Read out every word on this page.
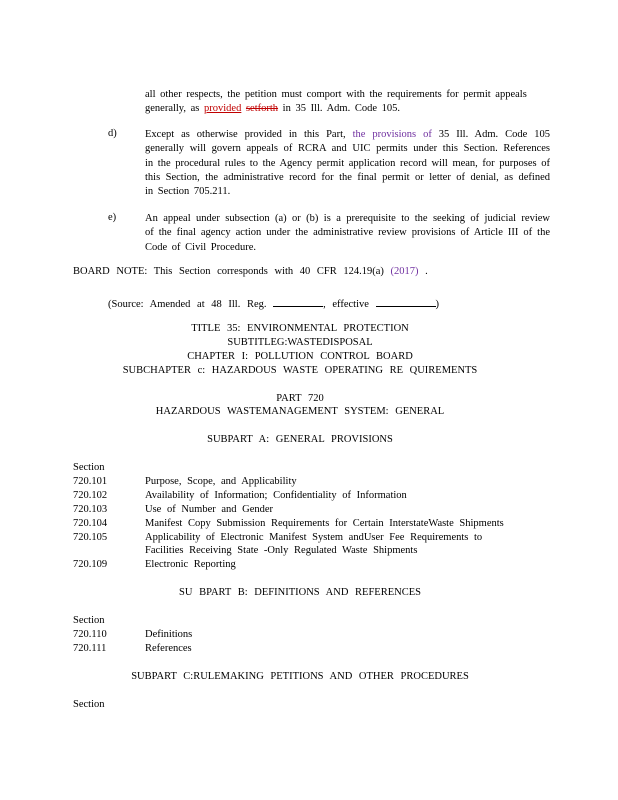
all other respects, the petition must comport with the requirements for permit appeals
generally, as provided setforth in 35 Ill. Adm. Code 105.
d)	Except as otherwise provided in this Part, the provisions of 35 Ill. Adm. Code 105 generally will govern appeals of RCRA and UIC permits under this Section. References in the procedural rules to the Agency permit application record will mean, for purposes of this Section, the administrative record for the final permit or letter of denial, as defined in Section 705.211.
e)	An appeal under subsection (a) or (b) is a prerequisite to the seeking of judicial review of the final agency action under the administrative review provisions of Article III of the Code of Civil Procedure.
BOARD NOTE: This Section corresponds with 40 CFR 124.19(a) (2017) .
(Source: Amended at 48 Ill. Reg.	, effective	)
TITLE 35: ENVIRONMENTAL PROTECTION
SUBTITLEG:WASTEDISPOSAL
CHAPTER I: POLLUTION CONTROL BOARD
SUBCHAPTER c: HAZARDOUS WASTE OPERATING RE QUIREMENTS
PART 720
HAZARDOUS WASTEMANAGEMENT SYSTEM: GENERAL
SUBPART A: GENERAL PROVISIONS
Section
720.101	Purpose, Scope, and Applicability
720.102	Availability of Information; Confidentiality of Information
720.103	Use of Number and Gender
720.104	Manifest Copy Submission Requirements for Certain InterstateWaste Shipments
720.105	Applicability of Electronic Manifest System andUser Fee Requirements to
Facilities Receiving State -Only Regulated Waste Shipments
720.109	Electronic Reporting
SU BPART B: DEFINITIONS AND REFERENCES
Section
720.110	Definitions
720.111	References
SUBPART C:RULEMAKING PETITIONS AND OTHER PROCEDURES
Section
